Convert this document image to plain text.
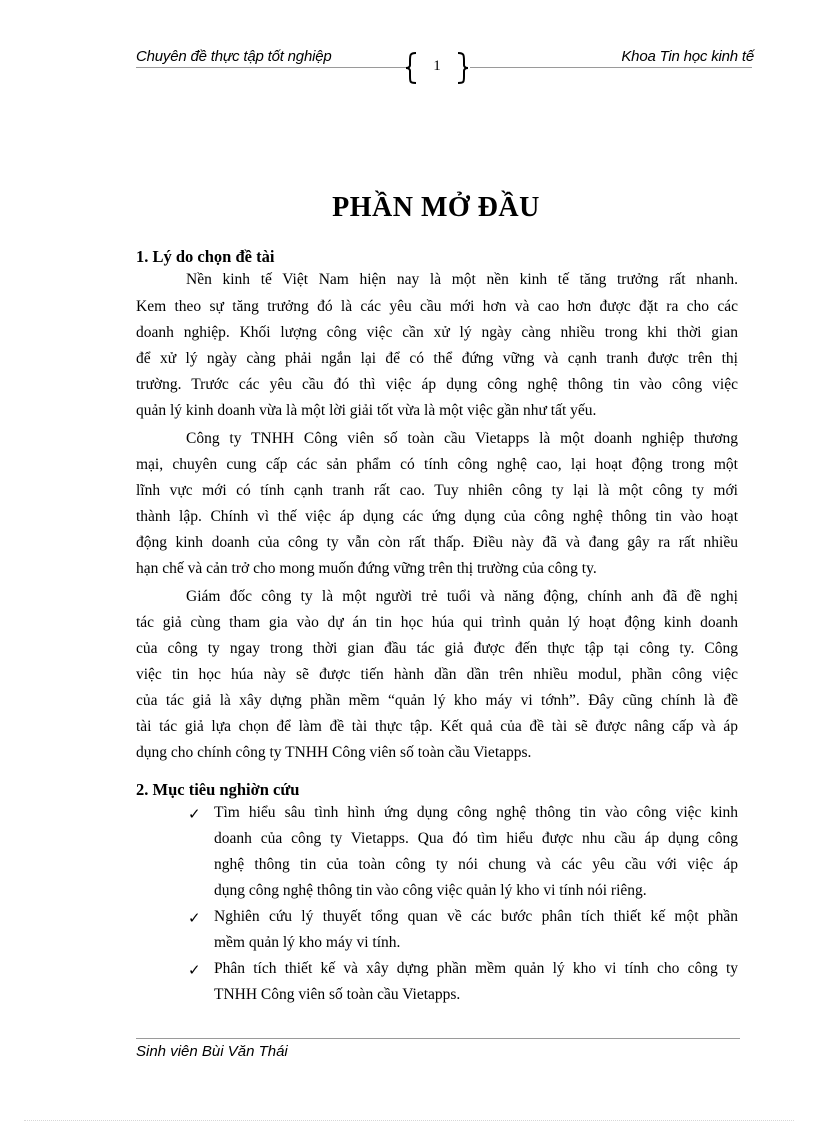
Chuyên đề thực tập tốt nghiệp
1
Khoa Tin học kinh tế
PHẦN MỞ ĐẦU
1. Lý do chọn đề tài
Nền kinh tế Việt Nam hiện nay là một nền kinh tế tăng trưởng rất nhanh.
Kem theo sự tăng trưởng đó là các yêu cầu mới hơn và cao hơn được đặt ra cho các
doanh nghiệp. Khối lượng công việc cần xử lý ngày càng nhiều trong khi thời gian
để xử lý ngày càng phải ngắn lại để có thể đứng vững và cạnh tranh được trên thị
trường. Trước các yêu cầu đó thì việc áp dụng công nghệ thông tin vào công việc
quản lý kinh doanh vừa là một lời giải tốt vừa là một việc gần như tất yếu.
Công ty TNHH Công viên số toàn cầu Vietapps là một doanh nghiệp thương
mại, chuyên cung cấp các sản phẩm có tính công nghệ cao, lại hoạt động trong một
lĩnh vực mới có tính cạnh tranh rất cao. Tuy nhiên công ty lại là một công ty mới
thành lập. Chính vì thế việc áp dụng các ứng dụng của công nghệ thông tin vào hoạt
động kinh doanh của công ty vẫn còn rất thấp. Điều này đã và đang gây ra rất nhiều
hạn chế và cản trở cho mong muốn đứng vững trên thị trường của công ty.
Giám đốc công ty là một người trẻ tuổi và năng động, chính anh đã đề nghị
tác giả cùng tham gia vào dự án tin học húa qui trình quản lý hoạt động kinh doanh
của công ty ngay trong thời gian đầu tác giả được đến thực tập tại công ty. Công
việc tin học húa này sẽ được tiến hành dần dần trên nhiều modul, phần công việc
của tác giả là xây dựng phần mềm “quản lý kho máy vi tớnh”. Đây cũng chính là đề
tài tác giả lựa chọn để làm đề tài thực tập. Kết quả của đề tài sẽ được nâng cấp và áp
dụng cho chính công ty TNHH Công viên số toàn cầu Vietapps.
2. Mục tiêu nghiờn cứu
✓ Tìm hiểu sâu tình hình ứng dụng công nghệ thông tin vào công việc kinh
doanh của công ty Vietapps. Qua đó tìm hiểu được nhu cầu áp dụng công
nghệ thông tin của toàn công ty nói chung và các yêu cầu với việc áp
dụng công nghệ thông tin vào công việc quản lý kho vi tính nói riêng.
✓ Nghiên cứu lý thuyết tổng quan về các bước phân tích thiết kế một phần
mềm quản lý kho máy vi tính.
✓ Phân tích thiết kế và xây dựng phần mềm quản lý kho vi tính cho công ty
TNHH Công viên số toàn cầu Vietapps.
Sinh viên Bùi Văn Thái
